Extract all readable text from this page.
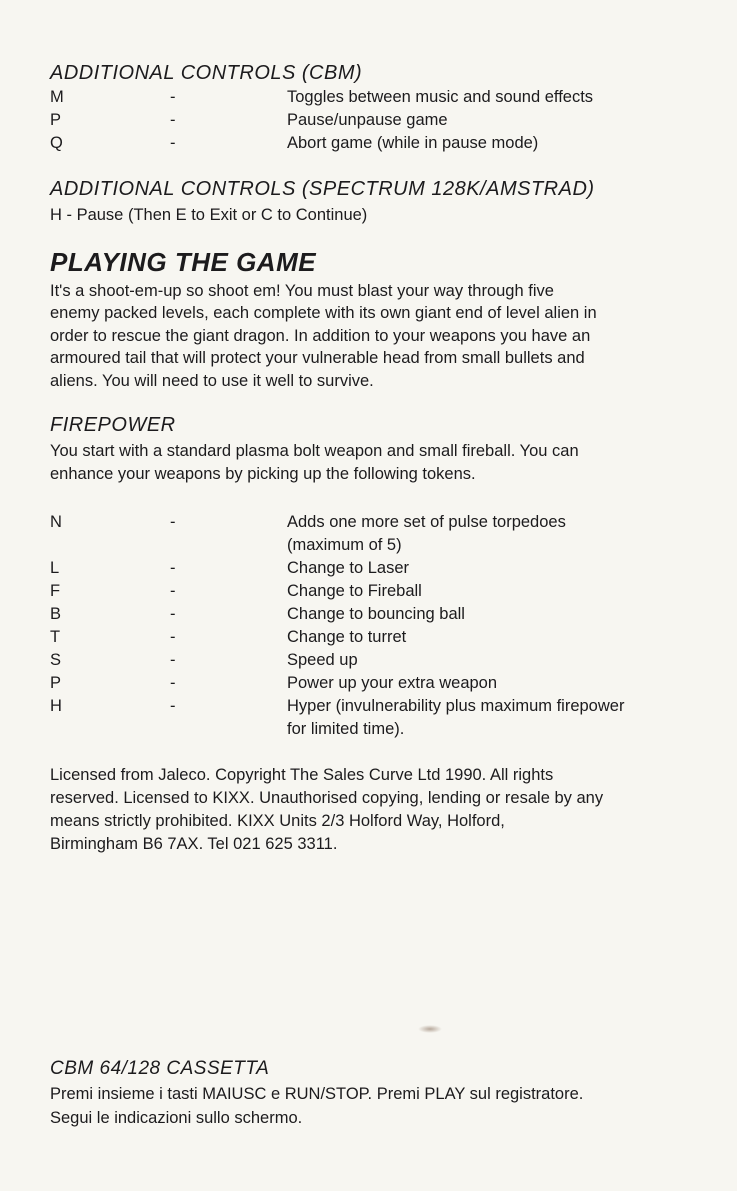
ADDITIONAL CONTROLS (CBM)
M	-	Toggles between music and sound effects
P	-	Pause/unpause game
Q	-	Abort game (while in pause mode)
ADDITIONAL CONTROLS (SPECTRUM 128K/AMSTRAD)

H - Pause (Then E to Exit or C to Continue)

PLAYING THE GAME

It's a shoot-em-up so shoot em! You must blast your way through five

enemy packed levels, each complete with its own giant end of level alien in

order to rescue the giant dragon. In addition to your weapons you have an

armoured tail that will protect your vulnerable head from small bullets and

aliens. You will need to use it well to survive.

FIREPOWER

You start with a standard plasma bolt weapon and small fireball. You can

enhance your weapons by picking up the following tokens.

N	-	Adds one more set of pulse torpedoes
(maximum of 5)
L	-	Change to Laser
F	-	Change to Fireball
B	-	Change to bouncing ball
T	-	Change to turret
S	-	Speed up
P	-	Power up your extra weapon
H	-	Hyper (invulnerability plus maximum firepower
for limited time).

Licensed from Jaleco. Copyright The Sales Curve Ltd 1990. All rights

reserved. Licensed to KIXX. Unauthorised copying, lending or resale by any

means strictly prohibited. KIXX Units 2/3 Holford Way, Holford,

Birmingham B6 7AX. Tel 021 625 3311.

CBM 64/128 CASSETTA

Premi insieme i tasti MAIUSC e RUN/STOP. Premi PLAY sul registratore.

Segui le indicazioni sullo schermo.
